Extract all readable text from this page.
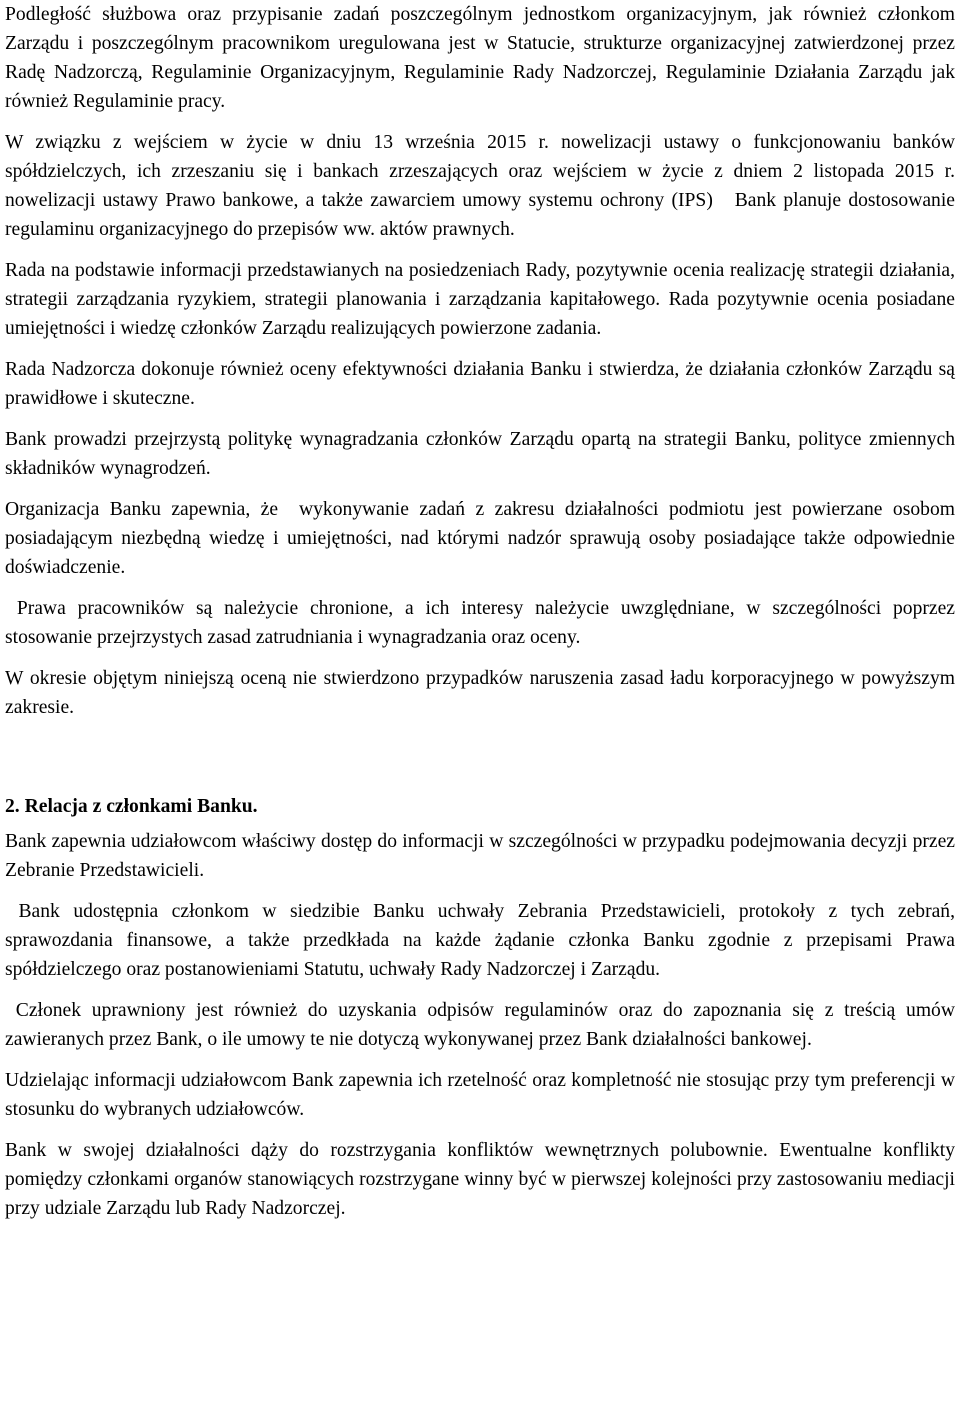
Podległość służbowa oraz przypisanie zadań poszczególnym jednostkom organizacyjnym, jak również członkom Zarządu i poszczególnym pracownikom uregulowana jest w Statucie, strukturze organizacyjnej zatwierdzonej przez Radę Nadzorczą, Regulaminie Organizacyjnym, Regulaminie Rady Nadzorczej, Regulaminie Działania Zarządu jak również Regulaminie pracy.

W związku z wejściem w życie w dniu 13 września 2015 r. nowelizacji ustawy o funkcjonowaniu banków spółdzielczych, ich zrzeszaniu się i bankach zrzeszających oraz wejściem w życie z dniem 2 listopada 2015 r. nowelizacji ustawy Prawo bankowe, a także zawarciem umowy systemu ochrony (IPS)   Bank planuje dostosowanie regulaminu organizacyjnego do przepisów ww. aktów prawnych.

Rada na podstawie informacji przedstawianych na posiedzeniach Rady, pozytywnie ocenia realizację strategii działania, strategii zarządzania ryzykiem, strategii planowania i zarządzania kapitałowego. Rada pozytywnie ocenia posiadane umiejętności i wiedzę członków Zarządu realizujących powierzone zadania.

Rada Nadzorcza dokonuje również oceny efektywności działania Banku i stwierdza, że działania członków Zarządu są prawidłowe i skuteczne.

Bank prowadzi przejrzystą politykę wynagradzania członków Zarządu opartą na strategii Banku, polityce zmiennych składników wynagrodzeń.

Organizacja Banku zapewnia, że  wykonywanie zadań z zakresu działalności podmiotu jest powierzane osobom posiadającym niezbędną wiedzę i umiejętności, nad którymi nadzór sprawują osoby posiadające także odpowiednie doświadczenie.

Prawa pracowników są należycie chronione, a ich interesy należycie uwzględniane, w szczególności poprzez stosowanie przejrzystych zasad zatrudniania i wynagradzania oraz oceny.

W okresie objętym niniejszą oceną nie stwierdzono przypadków naruszenia zasad ładu korporacyjnego w powyższym zakresie.

2. Relacja z członkami Banku.

Bank zapewnia udziałowcom właściwy dostęp do informacji w szczególności w przypadku podejmowania decyzji przez Zebranie Przedstawicieli.

Bank udostępnia członkom w siedzibie Banku uchwały Zebrania Przedstawicieli, protokoły z tych zebrań, sprawozdania finansowe, a także przedkłada na każde żądanie członka Banku zgodnie z przepisami Prawa spółdzielczego oraz postanowieniami Statutu, uchwały Rady Nadzorczej i Zarządu.

Członek uprawniony jest również do uzyskania odpisów regulaminów oraz do zapoznania się z treścią umów zawieranych przez Bank, o ile umowy te nie dotyczą wykonywanej przez Bank działalności bankowej.

Udzielając informacji udziałowcom Bank zapewnia ich rzetelność oraz kompletność nie stosując przy tym preferencji w stosunku do wybranych udziałowców.

Bank w swojej działalności dąży do rozstrzygania konfliktów wewnętrznych polubownie. Ewentualne konflikty pomiędzy członkami organów stanowiących rozstrzygane winny być w pierwszej kolejności przy zastosowaniu mediacji przy udziale Zarządu lub Rady Nadzorczej.
